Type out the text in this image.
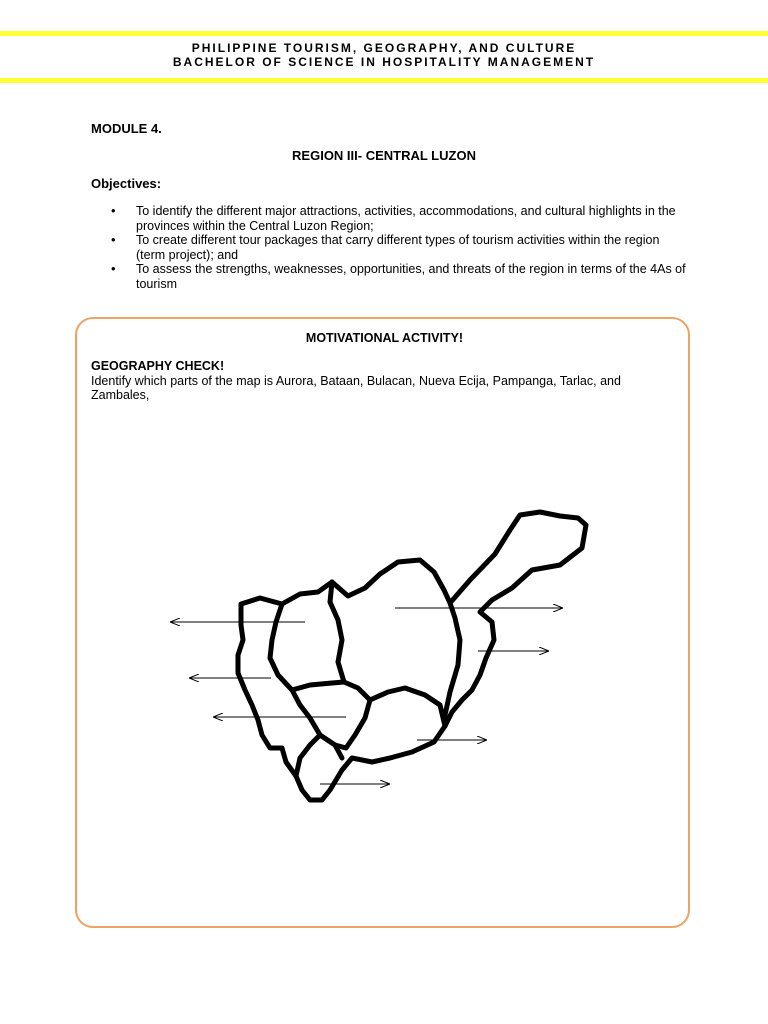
PHILIPPINE TOURISM, GEOGRAPHY, AND CULTURE
BACHELOR OF SCIENCE IN HOSPITALITY MANAGEMENT
MODULE 4.
REGION III- CENTRAL LUZON
Objectives:
• To identify the different major attractions, activities, accommodations, and cultural highlights in the provinces within the Central Luzon Region;
• To create different tour packages that carry different types of tourism activities within the region (term project); and
• To assess the strengths, weaknesses, opportunities, and threats of the region in terms of the 4As of tourism
MOTIVATIONAL ACTIVITY!
GEOGRAPHY CHECK!
Identify which parts of the map is Aurora, Bataan, Bulacan, Nueva Ecija, Pampanga, Tarlac, and Zambales,
